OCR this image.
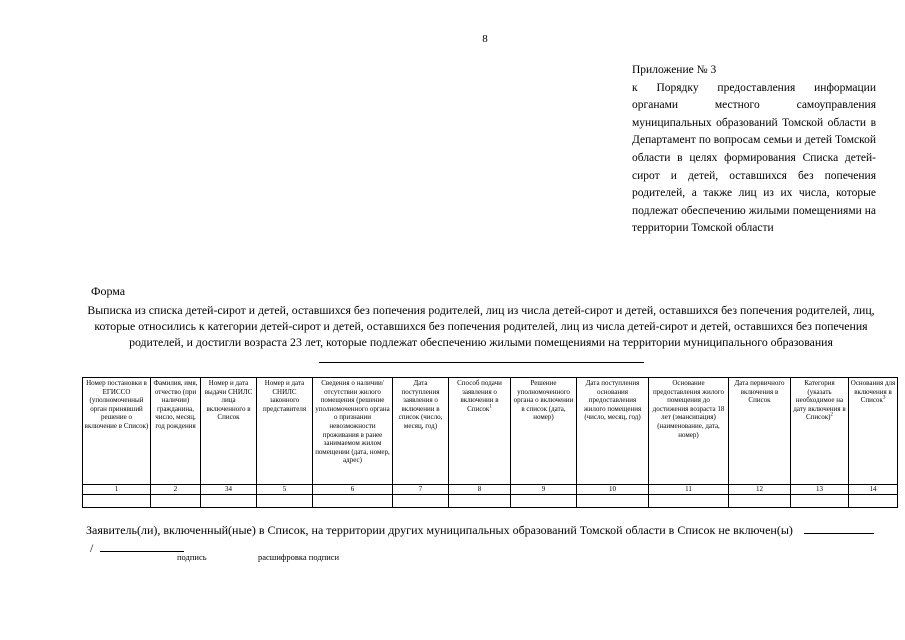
8
Приложение № 3
к Порядку предоставления информации органами местного самоуправления муниципальных образований Томской области в Департамент по вопросам семьи и детей Томской области в целях формирования Списка детей-сирот и детей, оставшихся без попечения родителей, а также лиц из их числа, которые подлежат обеспечению жилыми помещениями на территории Томской области
Форма
Выписка из списка детей-сирот и детей, оставшихся без попечения родителей, лиц из числа детей-сирот и детей, оставшихся без попечения родителей, лиц, которые относились к категории детей-сирот и детей, оставшихся без попечения родителей, лиц из числа детей-сирот и детей, оставшихся без попечения родителей, и достигли возраста 23 лет, которые подлежат обеспечению жилыми помещениями на территории муниципального образования
Номер постановки в ЕГИССО (уполномоченный орган принявший решение о включение в Список)	Фамилия, имя, отчество (при наличии) гражданина, число, месяц, год рождения	Номер и дата выдачи СНИЛС лица включенного в Список	Номер и дата СНИЛС законного представителя	Сведения о наличии/отсутствии жилого помещения (решение уполномоченного органа о признании невозможности проживания в ранее занимаемом жилом помещении (дата, номер, адрес)	Дата поступления заявления о включении в список (число, месяц, год)	Способ подачи заявления о включении в Список$^1$	Решение уполномоченного органа о включении в список (дата, номер)	Дата поступления основания предоставления жилого помещения (число, месяц, год)	Основание предоставления жилого помещения до достижения возраста 18 лет (эмансипация) (наименование, дата, номер)	Дата первичного включения в Список	Категория (указать необходимое на дату включения в Список)$^2$	Основания для включения в Список$^3$
1	2	34	5	6	7	8	9	10	11	12	13	14

Заявитель(ли), включенный(ные) в Список, на территории других муниципальных образований Томской области в Список не включен(ы)  /
подпись	расшифровка подписи
